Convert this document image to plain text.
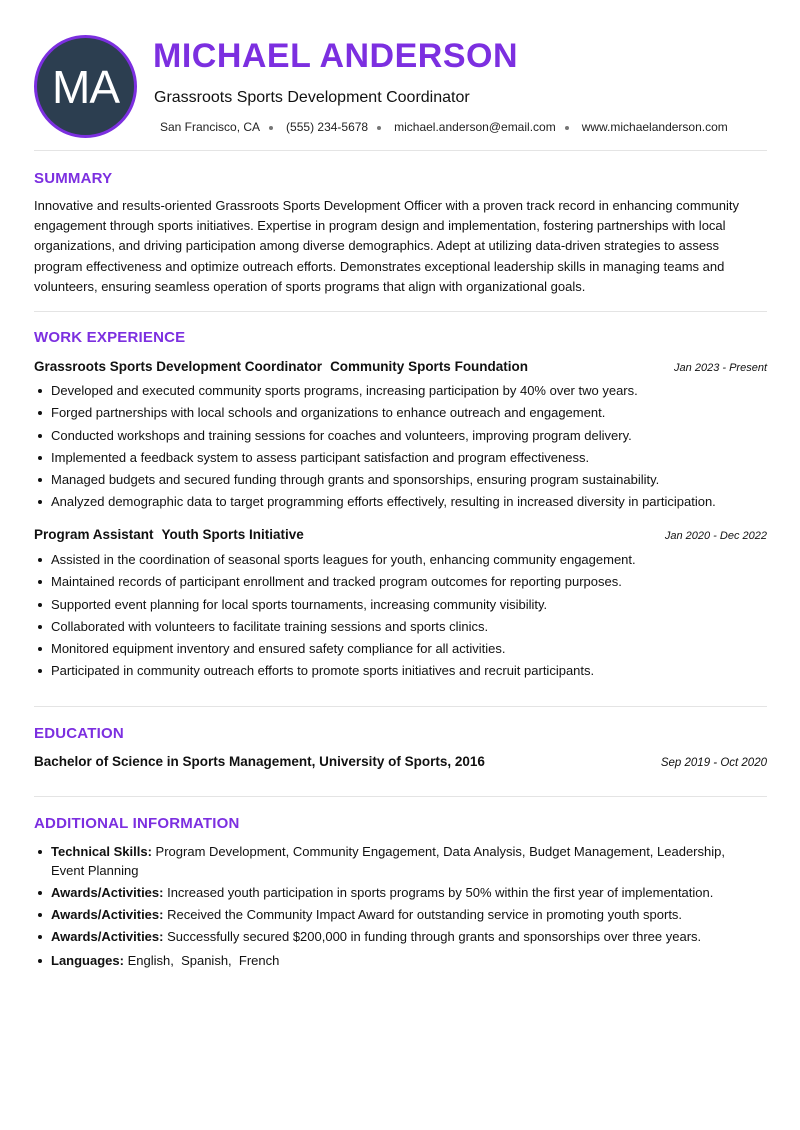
MA
MICHAEL ANDERSON
Grassroots Sports Development Coordinator
San Francisco, CA (555) 234-5678 michael.anderson@email.com www.michaelanderson.com
SUMMARY
Innovative and results-oriented Grassroots Sports Development Officer with a proven track record in enhancing community engagement through sports initiatives. Expertise in program design and implementation, fostering partnerships with local organizations, and driving participation among diverse demographics. Adept at utilizing data-driven strategies to assess program effectiveness and optimize outreach efforts. Demonstrates exceptional leadership skills in managing teams and volunteers, ensuring seamless operation of sports programs that align with organizational goals.
WORK EXPERIENCE
Grassroots Sports Development Coordinator Community Sports Foundation	Jan 2023 - Present
Developed and executed community sports programs, increasing participation by 40% over two years.
Forged partnerships with local schools and organizations to enhance outreach and engagement.
Conducted workshops and training sessions for coaches and volunteers, improving program delivery.
Implemented a feedback system to assess participant satisfaction and program effectiveness.
Managed budgets and secured funding through grants and sponsorships, ensuring program sustainability.
Analyzed demographic data to target programming efforts effectively, resulting in increased diversity in participation.
Program Assistant Youth Sports Initiative	Jan 2020 - Dec 2022
Assisted in the coordination of seasonal sports leagues for youth, enhancing community engagement.
Maintained records of participant enrollment and tracked program outcomes for reporting purposes.
Supported event planning for local sports tournaments, increasing community visibility.
Collaborated with volunteers to facilitate training sessions and sports clinics.
Monitored equipment inventory and ensured safety compliance for all activities.
Participated in community outreach efforts to promote sports initiatives and recruit participants.
EDUCATION
Bachelor of Science in Sports Management, University of Sports, 2016	Sep 2019 - Oct 2020
ADDITIONAL INFORMATION
Technical Skills: Program Development, Community Engagement, Data Analysis, Budget Management, Leadership, Event Planning
Awards/Activities: Increased youth participation in sports programs by 50% within the first year of implementation.
Awards/Activities: Received the Community Impact Award for outstanding service in promoting youth sports.
Awards/Activities: Successfully secured $200,000 in funding through grants and sponsorships over three years.
Languages: English,  Spanish,  French
